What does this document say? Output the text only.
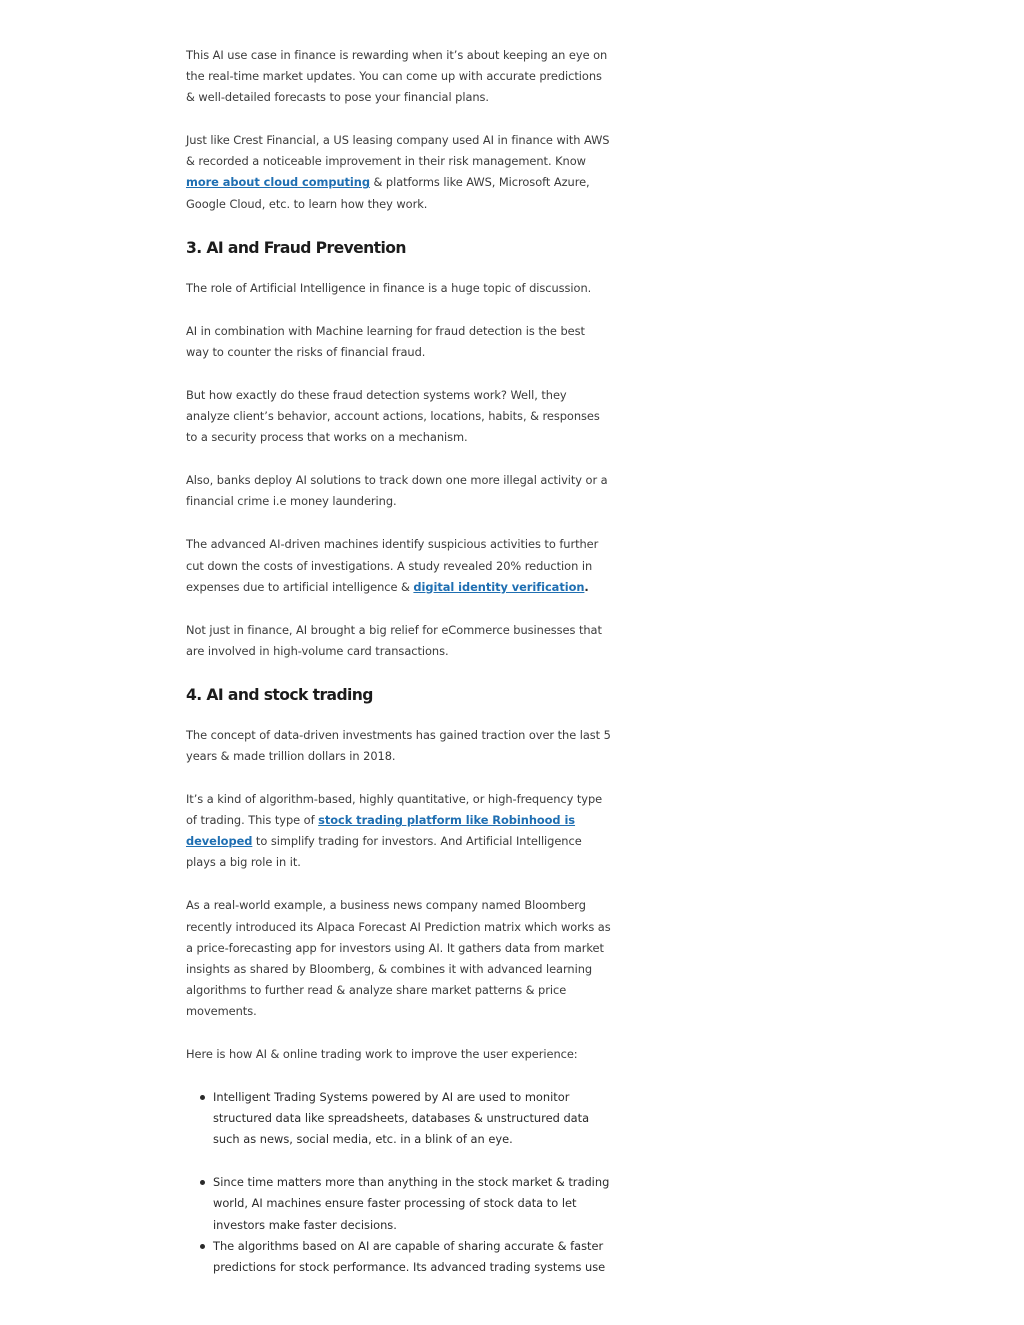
This AI use case in finance is rewarding when it’s about keeping an eye on the real-time market updates. You can come up with accurate predictions & well-detailed forecasts to pose your financial plans.

Just like Crest Financial, a US leasing company used AI in finance with AWS & recorded a noticeable improvement in their risk management. Know more about cloud computing & platforms like AWS, Microsoft Azure, Google Cloud, etc. to learn how they work.

3. AI and Fraud Prevention

The role of Artificial Intelligence in finance is a huge topic of discussion.

AI in combination with Machine learning for fraud detection is the best way to counter the risks of financial fraud.

But how exactly do these fraud detection systems work? Well, they analyze client’s behavior, account actions, locations, habits, & responses to a security process that works on a mechanism.

Also, banks deploy AI solutions to track down one more illegal activity or a financial crime i.e money laundering.

The advanced AI-driven machines identify suspicious activities to further cut down the costs of investigations. A study revealed 20% reduction in expenses due to artificial intelligence & digital identity verification.

Not just in finance, AI brought a big relief for eCommerce businesses that are involved in high-volume card transactions.

4. AI and stock trading

The concept of data-driven investments has gained traction over the last 5 years & made trillion dollars in 2018.

It’s a kind of algorithm-based, highly quantitative, or high-frequency type of trading. This type of stock trading platform like Robinhood is developed to simplify trading for investors. And Artificial Intelligence plays a big role in it.

As a real-world example, a business news company named Bloomberg recently introduced its Alpaca Forecast AI Prediction matrix which works as a price-forecasting app for investors using AI. It gathers data from market insights as shared by Bloomberg, & combines it with advanced learning algorithms to further read & analyze share market patterns & price movements.

Here is how AI & online trading work to improve the user experience:

Intelligent Trading Systems powered by AI are used to monitor structured data like spreadsheets, databases & unstructured data such as news, social media, etc. in a blink of an eye.
Since time matters more than anything in the stock market & trading world, AI machines ensure faster processing of stock data to let investors make faster decisions.
The algorithms based on AI are capable of sharing accurate & faster predictions for stock performance. Its advanced trading systems use
